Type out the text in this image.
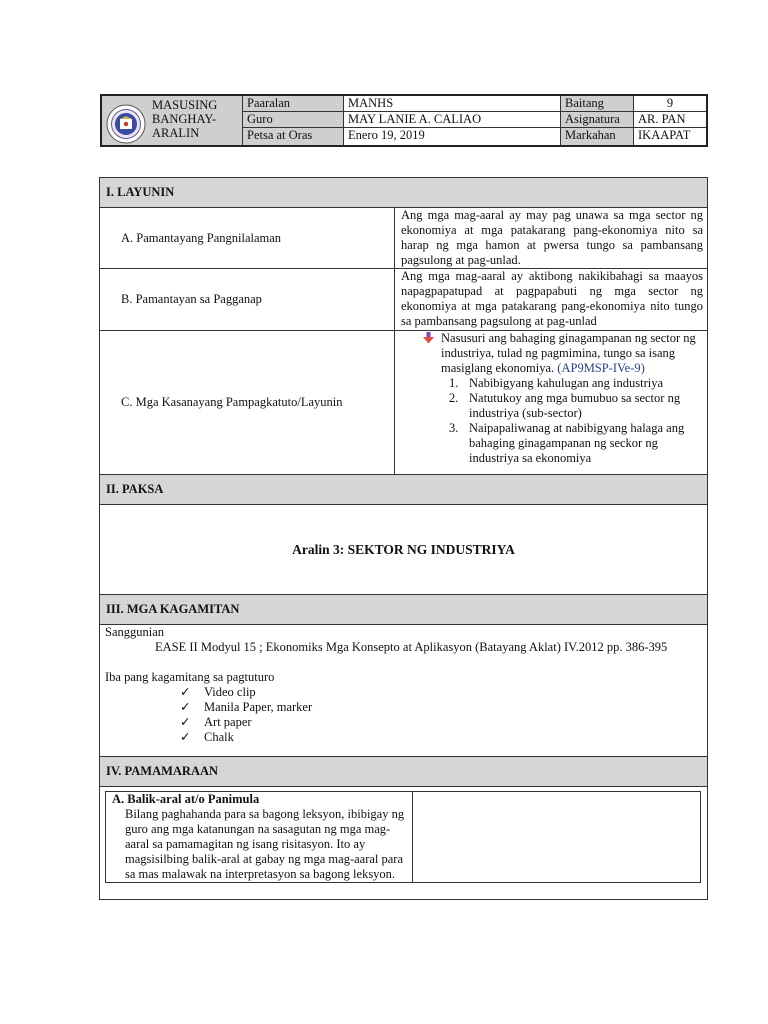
MASUSING
BANGHAY-
ARALIN	Paaralan	MANHS	Baitang	9
	Guro	MAY LANIE A. CALIAO	Asignatura	AR. PAN
	Petsa at Oras	Enero 19, 2019	Markahan	IKAAPAT
I. LAYUNIN
A. Pamantayang Pangnilalaman	Ang mga mag-aaral ay may pag unawa sa mga sector ng ekonomiya at mga patakarang pang-ekonomiya nito sa harap ng mga hamon at pwersa tungo sa pambansang pagsulong at pag-unlad.
B. Pamantayan sa Pagganap	Ang mga mag-aaral ay aktibong nakikibahagi sa maayos napagpapatupad at pagpapabuti ng mga sector ng ekonomiya at mga patakarang pang-ekonomiya nito tungo sa pambansang pagsulong at pag-unlad
C. Mga Kasanayang Pampagkatuto/Layunin	
Nasusuri ang bahaging ginagampanan ng sector ng industriya, tulad ng pagmimina, tungo sa isang masiglang ekonomiya. (AP9MSP-IVe-9)
1. Nabibigyang kahulugan ang industriya
2. Natutukoy ang mga bumubuo sa sector ng industriya (sub-sector)
3. Naipapaliwanag at nabibigyang halaga ang bahaging ginagampanan ng seckor ng industriya sa ekonomiya

II. PAKSA
Aralin 3: SEKTOR NG INDUSTRIYA
III. MGA KAGAMITAN

Sanggunian
EASE II Modyul 15 ; Ekonomiks Mga Konsepto at Aplikasyon (Batayang Aklat) IV.2012 pp. 386-395
Iba pang kagamitang sa pagtuturo
✓ Video clip
✓ Manila Paper, marker
✓ Art paper
✓ Chalk

IV. PAMAMARAAN

A. Balik-aral at/o Panimula
Bilang paghahanda para sa bagong leksyon, ibibigay ng guro ang mga katanungan na sasagutan ng mga mag-aaral sa pamamagitan ng isang risitasyon. Ito ay magsisilbing balik-aral at gabay ng mga mag-aaral para sa mas malawak na interpretasyon sa bagong leksyon.
